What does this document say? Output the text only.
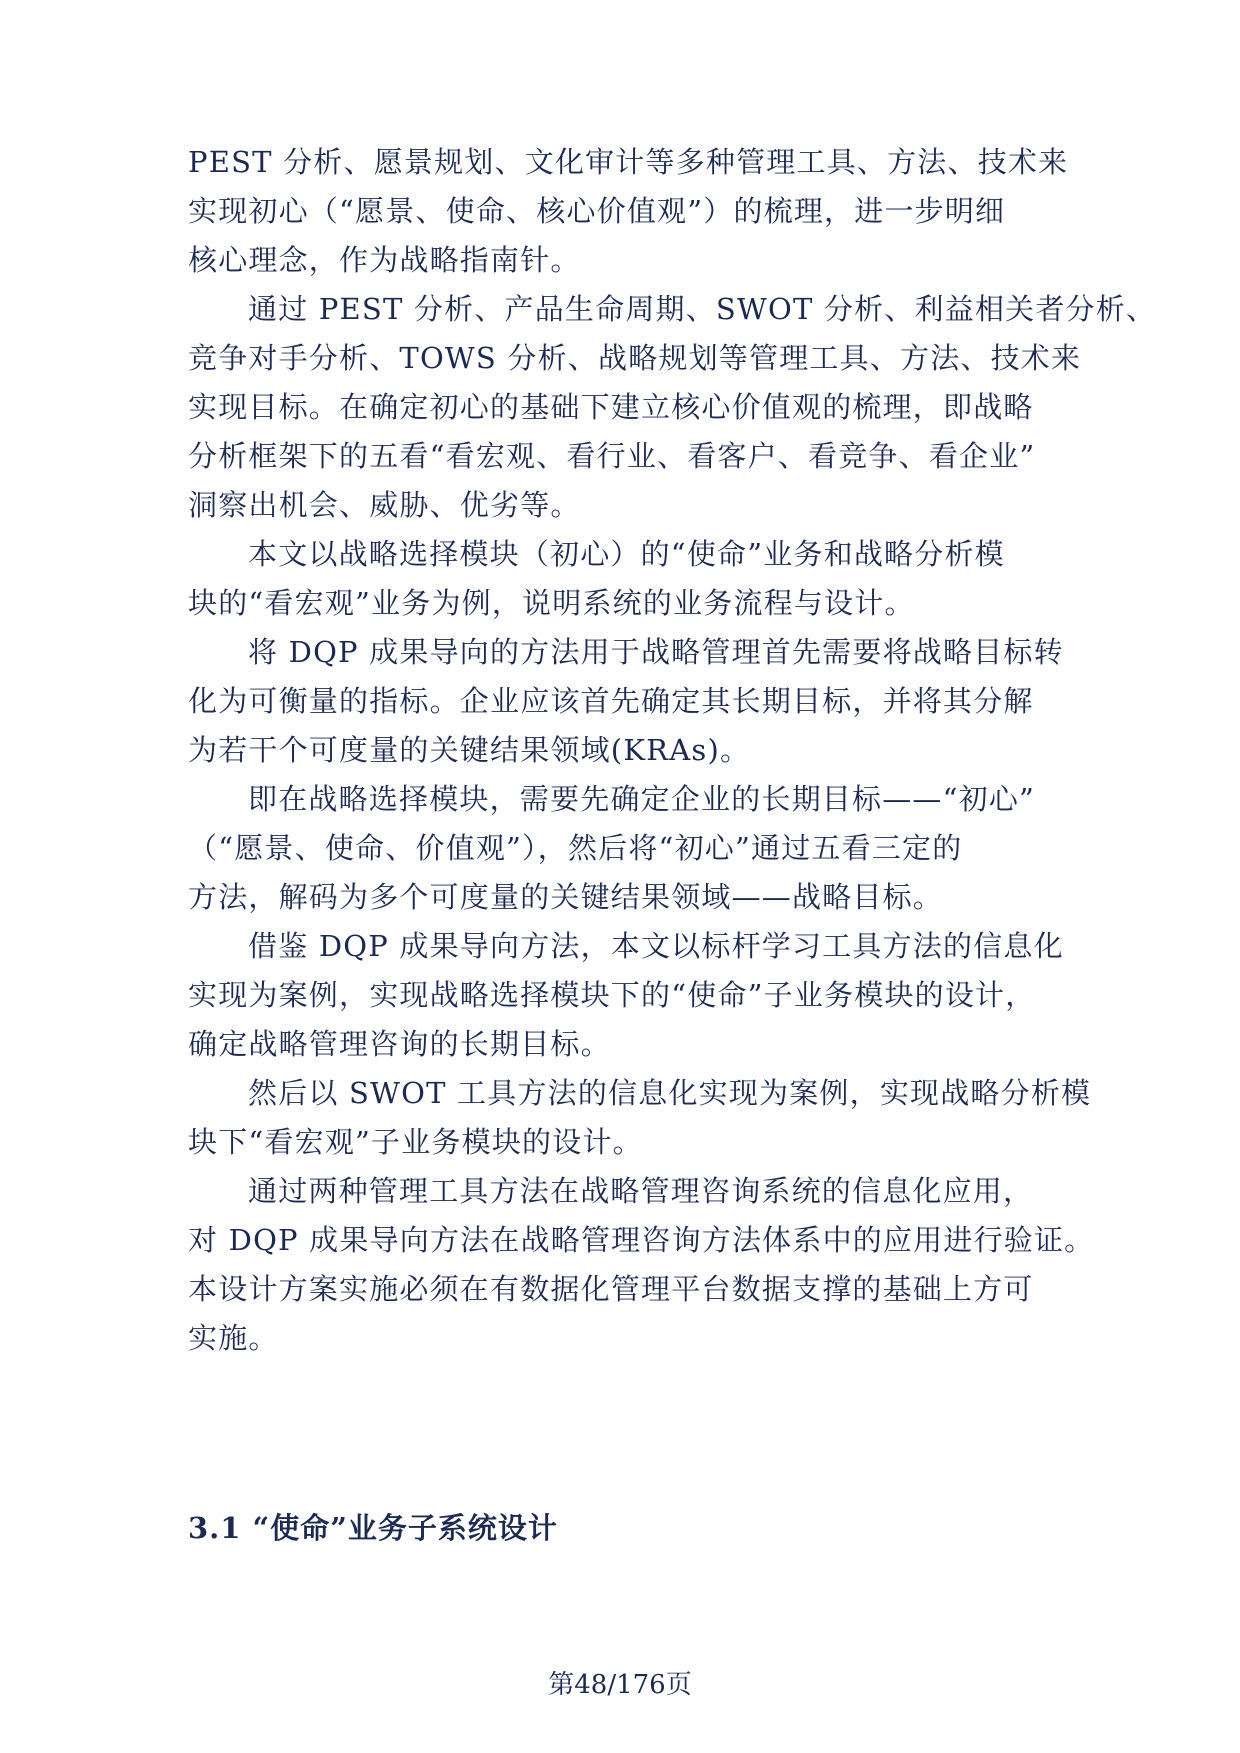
PEST 分析、愿景规划、文化审计等多种管理工具、方法、技术来
实现初心（“愿景、使命、核心价值观”）的梳理，进一步明细
核心理念，作为战略指南针。
通过 PEST 分析、产品生命周期、SWOT 分析、利益相关者分析、
竞争对手分析、TOWS 分析、战略规划等管理工具、方法、技术来
实现目标。在确定初心的基础下建立核心价值观的梳理，即战略
分析框架下的五看“看宏观、看行业、看客户、看竞争、看企业”
洞察出机会、威胁、优劣等。
本文以战略选择模块（初心）的“使命”业务和战略分析模
块的“看宏观”业务为例，说明系统的业务流程与设计。
将 DQP 成果导向的方法用于战略管理首先需要将战略目标转
化为可衡量的指标。企业应该首先确定其长期目标，并将其分解
为若干个可度量的关键结果领域(KRAs)。
即在战略选择模块，需要先确定企业的长期目标——“初心”
（“愿景、使命、价值观”），然后将“初心”通过五看三定的
方法，解码为多个可度量的关键结果领域——战略目标。
借鉴 DQP 成果导向方法，本文以标杆学习工具方法的信息化
实现为案例，实现战略选择模块下的“使命”子业务模块的设计，
确定战略管理咨询的长期目标。
然后以 SWOT 工具方法的信息化实现为案例，实现战略分析模
块下“看宏观”子业务模块的设计。
通过两种管理工具方法在战略管理咨询系统的信息化应用，
对 DQP 成果导向方法在战略管理咨询方法体系中的应用进行验证。
本设计方案实施必须在有数据化管理平台数据支撑的基础上方可
实施。
3.1 “使命”业务子系统设计
第48/176页
